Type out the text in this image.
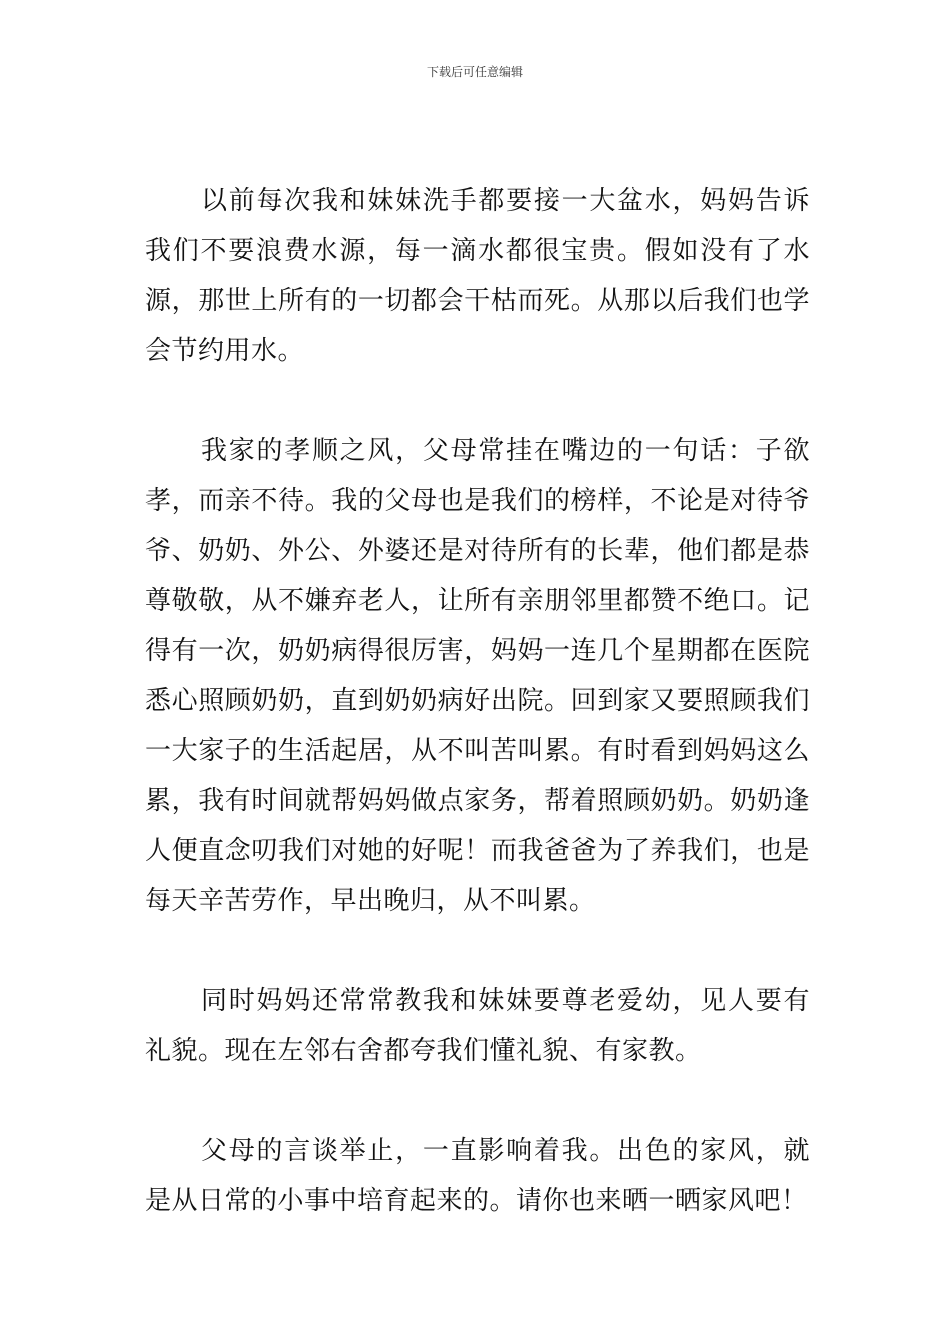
下载后可任意编辑

以前每次我和妹妹洗手都要接一大盆水，妈妈告诉我们不要浪费水源，每一滴水都很宝贵。假如没有了水源，那世上所有的一切都会干枯而死。从那以后我们也学会节约用水。

我家的孝顺之风，父母常挂在嘴边的一句话：子欲孝，而亲不待。我的父母也是我们的榜样，不论是对待爷爷、奶奶、外公、外婆还是对待所有的长辈，他们都是恭尊敬敬，从不嫌弃老人，让所有亲朋邻里都赞不绝口。记得有一次，奶奶病得很厉害，妈妈一连几个星期都在医院悉心照顾奶奶，直到奶奶病好出院。回到家又要照顾我们一大家子的生活起居，从不叫苦叫累。有时看到妈妈这么累，我有时间就帮妈妈做点家务，帮着照顾奶奶。奶奶逢人便直念叨我们对她的好呢！而我爸爸为了养我们，也是每天辛苦劳作，早出晚归，从不叫累。

同时妈妈还常常教我和妹妹要尊老爱幼，见人要有礼貌。现在左邻右舍都夸我们懂礼貌、有家教。

父母的言谈举止，一直影响着我。出色的家风，就是从日常的小事中培育起来的。请你也来晒一晒家风吧！
